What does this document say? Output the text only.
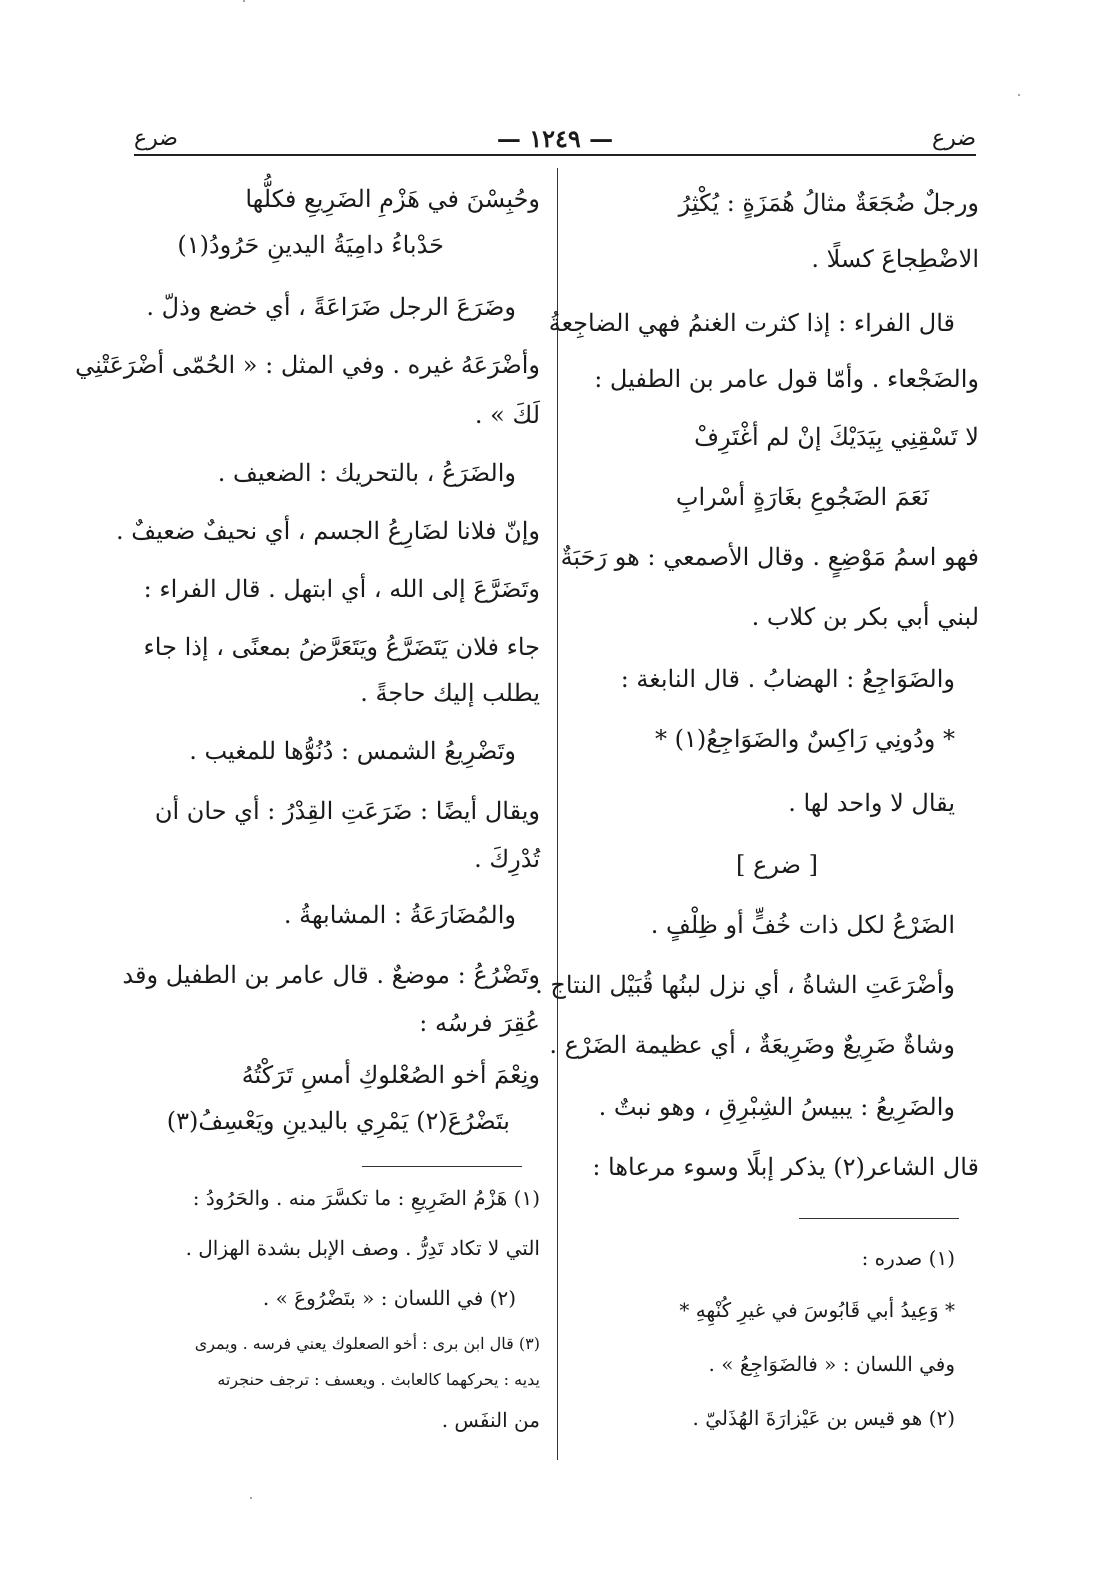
ضرع
— ١٢٤٩ —
ضرع
ورجلٌ ضُجَعَةٌ مثالُ هُمَزَةٍ : يُكْثِرُ
الاضْطِجاعَ كسلًا .
قال الفراء : إذا كثرت الغنمُ فهي الضاجِعةُ
والضَجْعاء . وأمّا قول عامر بن الطفيل :
لا تَسْقِنِي بِيَدَيْكَ إنْ لم أغْتَرِفْ
نَعَمَ الضَجُوعِ بغَارَةٍ أسْرابِ
فهو اسمُ مَوْضِعٍ . وقال الأصمعي : هو رَحَبَةٌ
لبني أبي بكر بن كلاب .
والضَوَاجِعُ : الهضابُ . قال النابغة :
* ودُونِي رَاكِسٌ والضَوَاجِعُ(١) *
يقال لا واحد لها .
[ ضرع ]
الضَرْعُ لكل ذات خُفٍّ أو ظِلْفٍ .
وأضْرَعَتِ الشاةُ ، أي نزل لبنُها قُبَيْل النتاج .
وشاةٌ ضَرِيعٌ وضَرِيعَةٌ ، أي عظيمة الضَرْع .
والضَرِيعُ : يبيسُ الشِبْرِقِ ، وهو نبتٌ .
قال الشاعر(٢) يذكر إبلًا وسوء مرعاها :
(١) صدره :
* وَعِيدُ أبي قَابُوسَ في غيرِ كُنْهِهِ *
وفي اللسان : « فالضَوَاجِعُ » .
(٢) هو قيس بن عَيْزارَةَ الهُذَليّ .
وحُبِسْنَ في هَزْمِ الضَرِيعِ فكلُّها
حَدْباءُ دامِيَةُ اليدينِ حَرُودُ(١)
وضَرَعَ الرجل ضَرَاعَةً ، أي خضع وذلّ .
وأضْرَعَهُ غيره . وفي المثل : « الحُمّى أضْرَعَتْنِي
لَكَ » .
والضَرَعُ ، بالتحريك : الضعيف .
وإنّ فلانا لضَارِعُ الجسم ، أي نحيفٌ ضعيفٌ .
وتَضَرَّعَ إلى الله ، أي ابتهل . قال الفراء :
جاء فلان يَتَضَرَّعُ ويَتَعَرَّضُ بمعنًى ، إذا جاء
يطلب إليك حاجةً .
وتَضْرِيعُ الشمس : دُنُوُّها للمغيب .
ويقال أيضًا : ضَرَعَتِ القِدْرُ : أي حان أن
تُدْرِكَ .
والمُضَارَعَةُ : المشابهةُ .
وتَضْرُعُ : موضعٌ . قال عامر بن الطفيل وقد
عُقِرَ فرسُه :
ونِعْمَ أخو الصُعْلوكِ أمسِ تَرَكْتُهُ
بتَضْرُعَ(٢) يَمْرِي باليدينِ ويَعْسِفُ(٣)
(١) هَزْمُ الضَرِيعِ : ما تكسَّرَ منه . والحَرُودُ :
التي لا تكاد تَدِرُّ . وصف الإبل بشدة الهزال .
(٢) في اللسان : « بتَضْرُوعَ » .
(٣) قال ابن برى : أخو الصعلوك يعني فرسه . ويمرى
يديه : يحركهما كالعابث . ويعسف : ترجف حنجرته
من النفَس .
